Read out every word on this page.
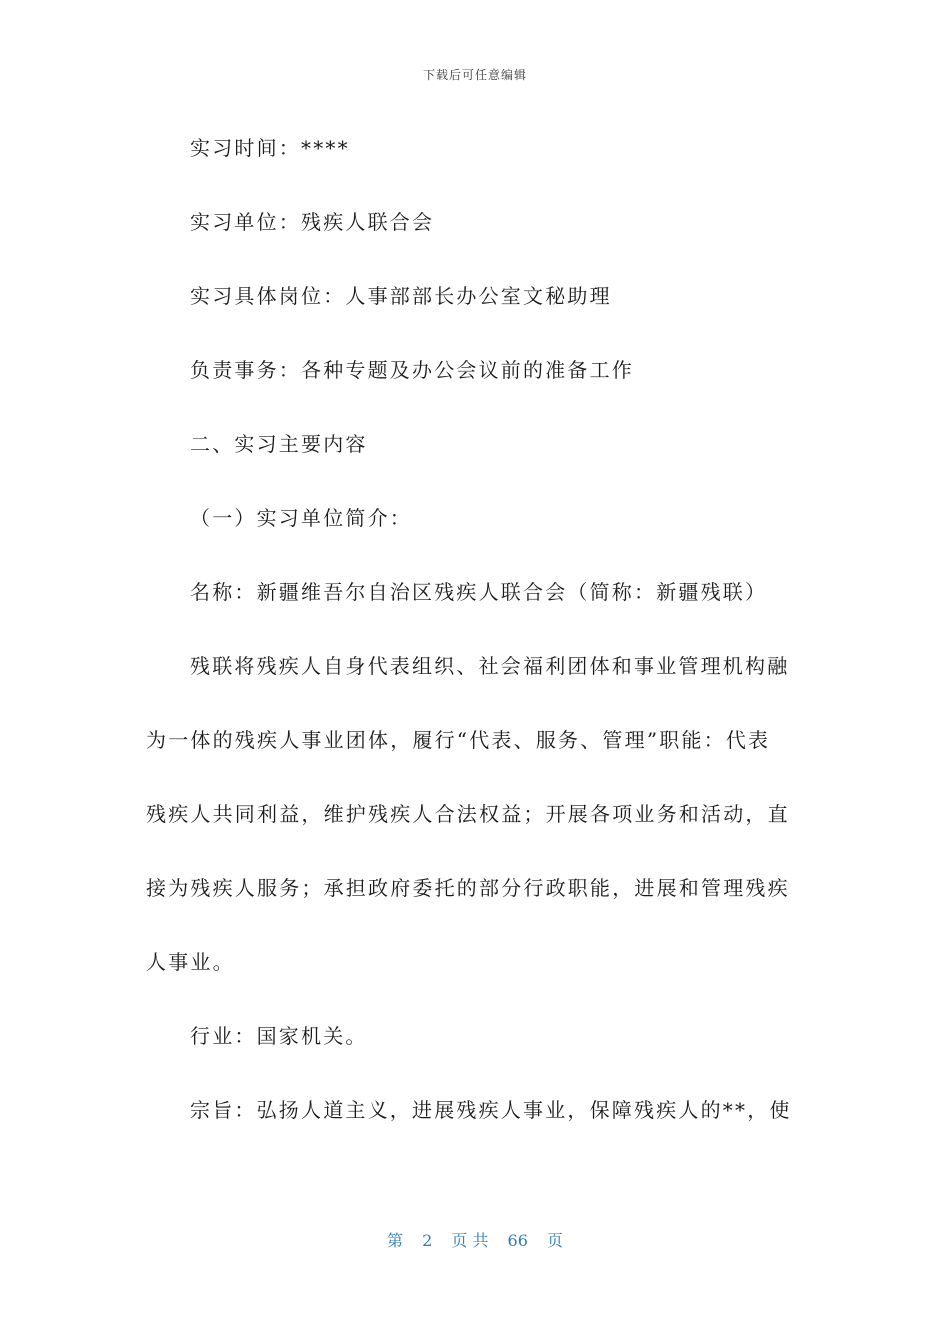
下载后可任意编辑
实习时间：****
实习单位：残疾人联合会
实习具体岗位：人事部部长办公室文秘助理
负责事务：各种专题及办公会议前的准备工作
二、实习主要内容
（一）实习单位简介：
名称：新疆维吾尔自治区残疾人联合会（简称：新疆残联）
残联将残疾人自身代表组织、社会福利团体和事业管理机构融
为一体的残疾人事业团体，履行“代表、服务、管理”职能：代表
残疾人共同利益，维护残疾人合法权益；开展各项业务和活动，直
接为残疾人服务；承担政府委托的部分行政职能，进展和管理残疾
人事业。
行业：国家机关。
宗旨：弘扬人道主义，进展残疾人事业，保障残疾人的**，使
第 2 页 共 66 页
